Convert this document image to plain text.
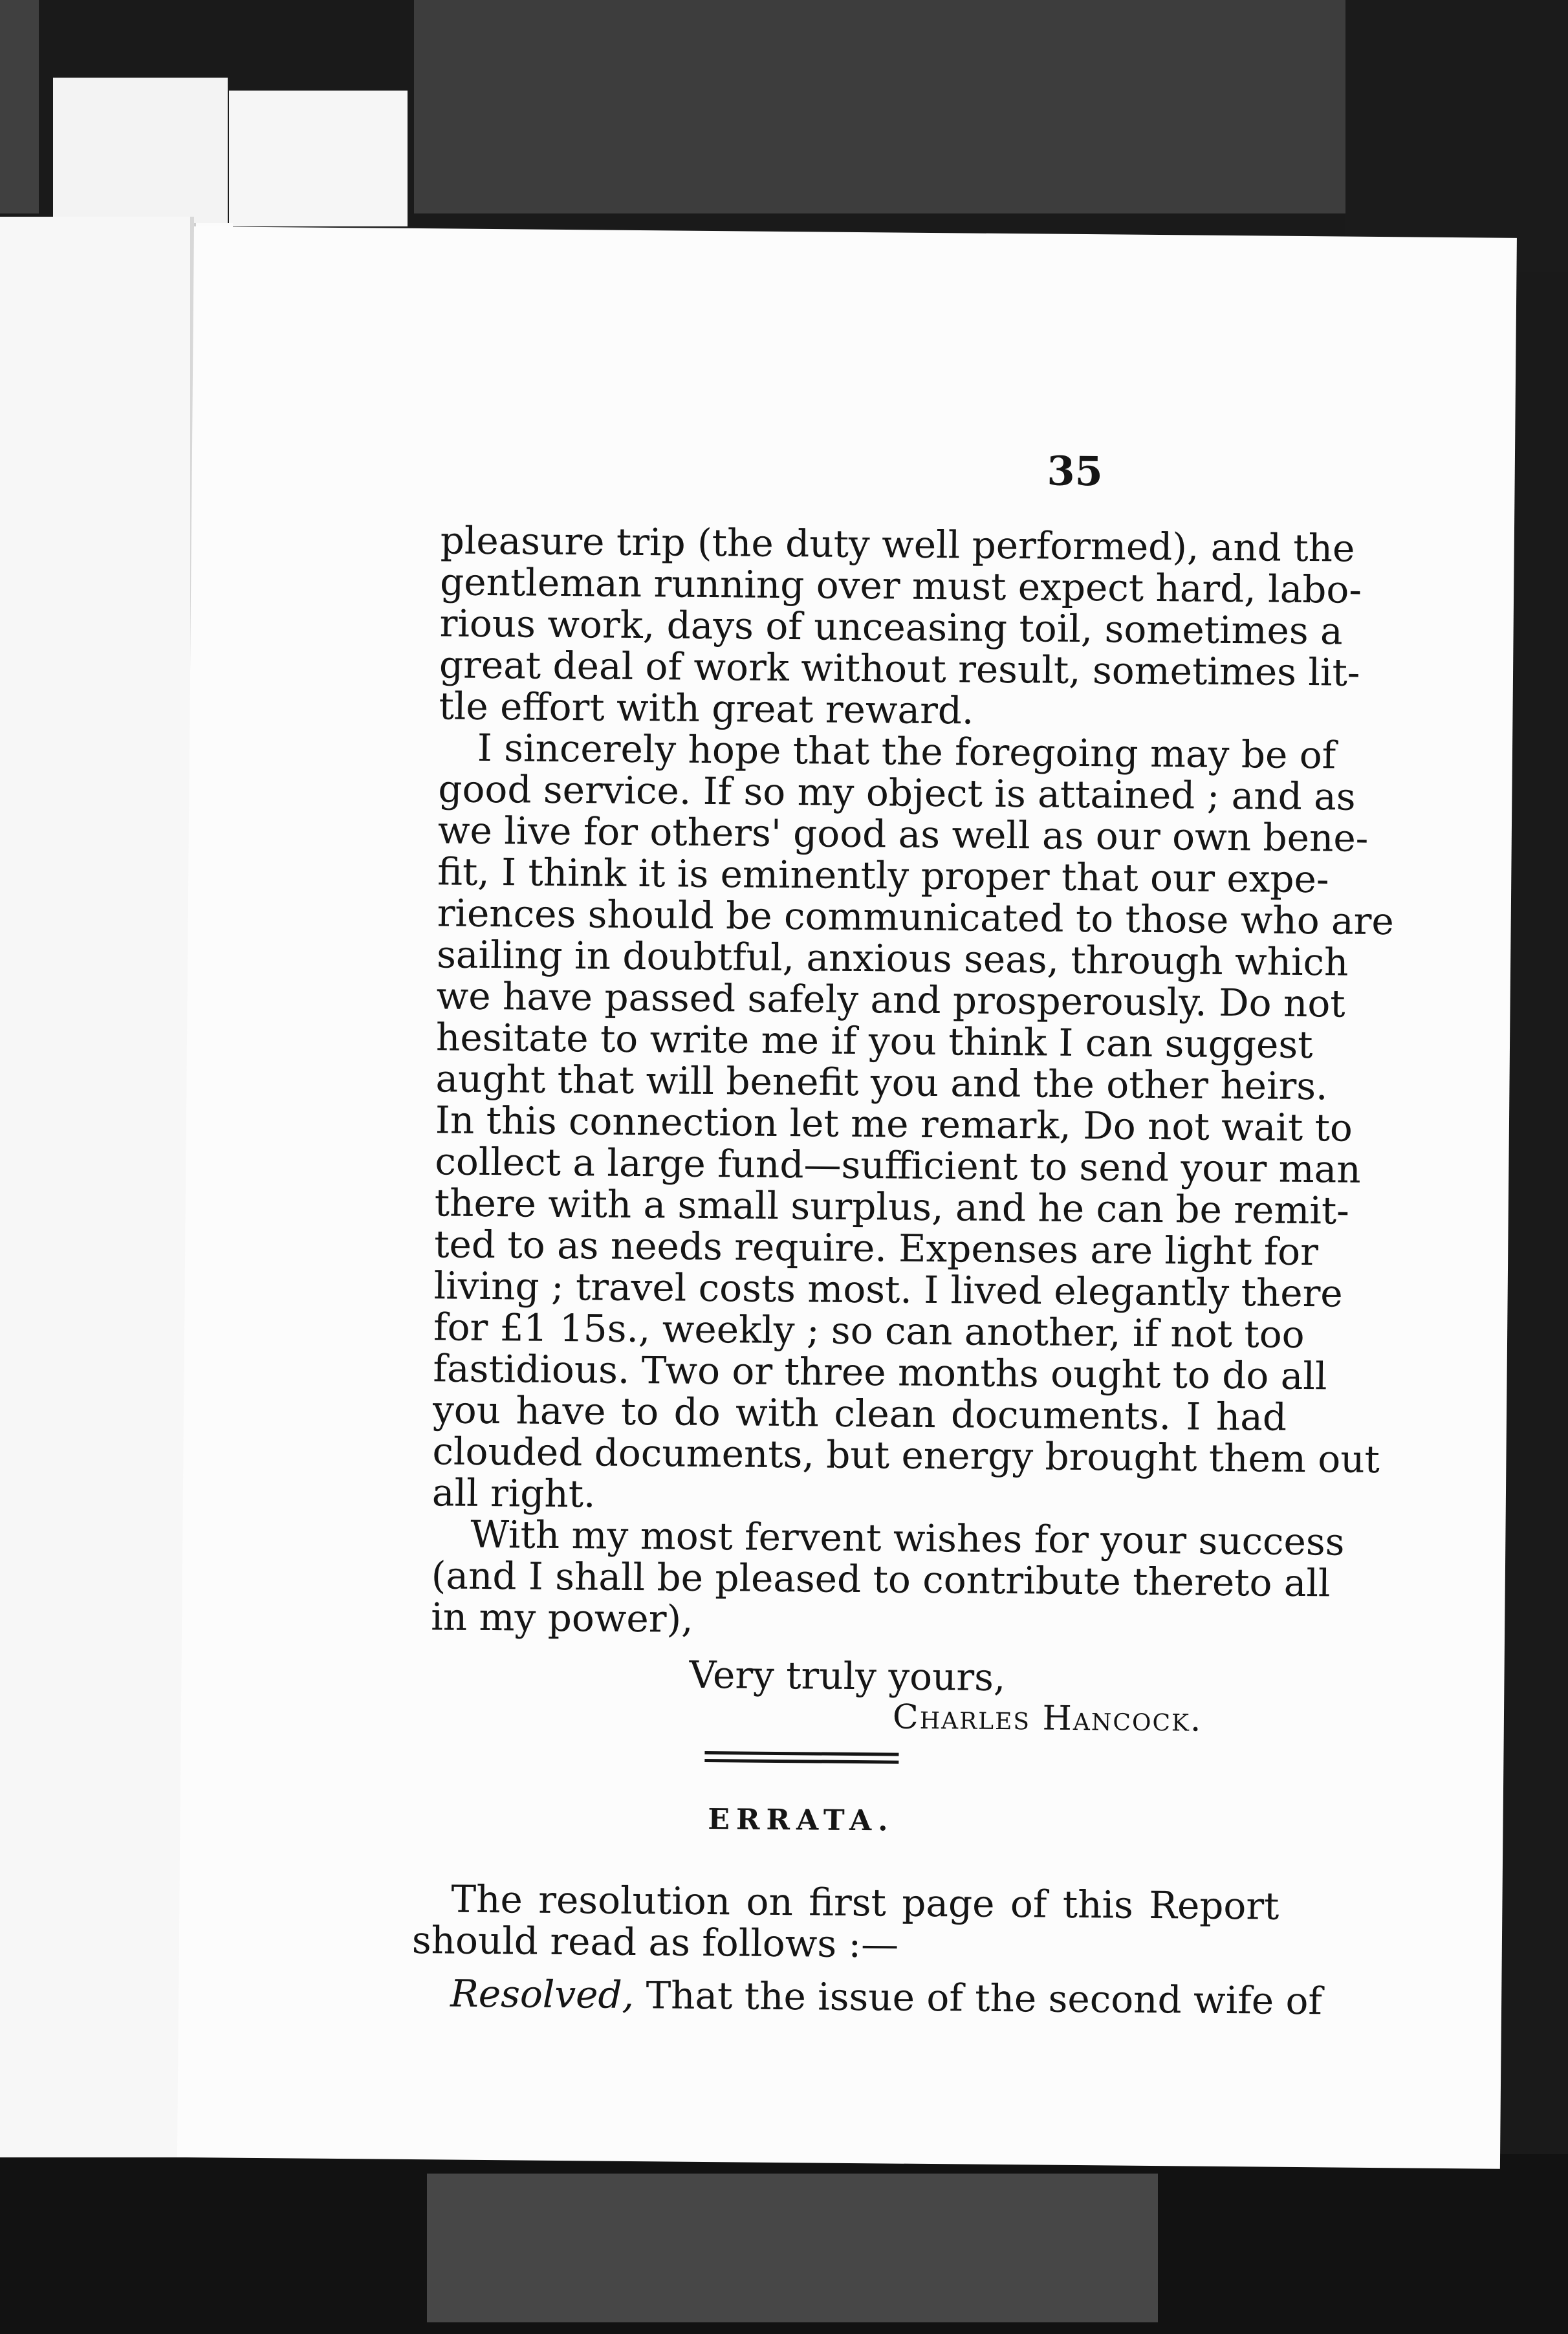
35
pleasure trip (the duty well performed), and the
gentleman running over must expect hard, labo-
rious work, days of unceasing toil, sometimes a
great deal of work without result, sometimes lit-
tle effort with great reward.
I sincerely hope that the foregoing may be of
good service. If so my object is attained ; and as
we live for others' good as well as our own bene-
fit, I think it is eminently proper that our expe-
riences should be communicated to those who are
sailing in doubtful, anxious seas, through which
we have passed safely and prosperously. Do not
hesitate to write me if you think I can suggest
aught that will benefit you and the other heirs.
In this connection let me remark, Do not wait to
collect a large fund—sufficient to send your man
there with a small surplus, and he can be remit-
ted to as needs require. Expenses are light for
living ; travel costs most. I lived elegantly there
for £1 15s., weekly ; so can another, if not too
fastidious. Two or three months ought to do all
you have to do with clean documents. I had
clouded documents, but energy brought them out
all right.
With my most fervent wishes for your success
(and I shall be pleased to contribute thereto all
in my power),
Very truly yours,
Charles Hancock.
ERRATA.
The resolution on first page of this Report
should read as follows :—
Resolved, That the issue of the second wife of
